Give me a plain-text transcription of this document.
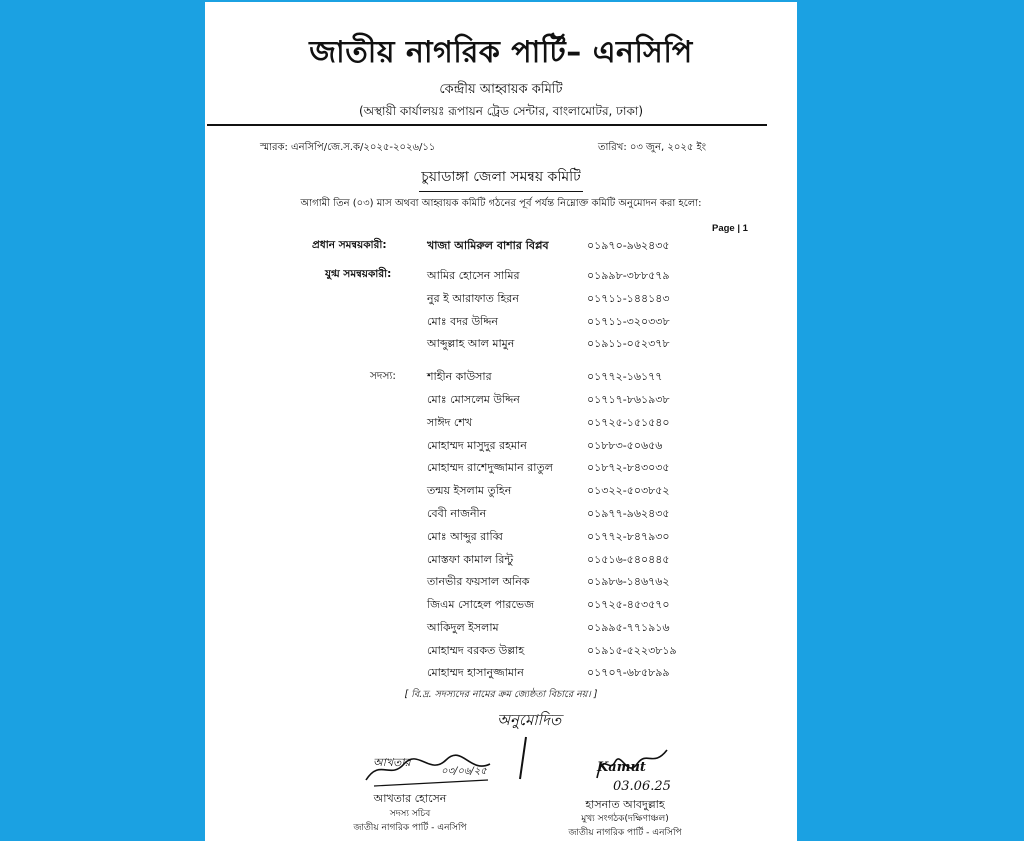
জাতীয় নাগরিক পার্টি– এনসিপি
কেন্দ্রীয় আহ্বায়ক কমিটি
(অস্থায়ী কার্যালয়ঃ রূপায়ন ট্রেড সেন্টার, বাংলামোটর, ঢাকা)
স্মারক: এনসিপি/জে.স.ক/২০২৫-২০২৬/১১	তারিখ: ০৩ জুন, ২০২৫ ইং
চুয়াডাঙ্গা জেলা সমন্বয় কমিটি
আগামী তিন (০৩) মাস অথবা আহ্বায়ক কমিটি গঠনের পূর্ব পর্যন্ত নিম্নোক্ত কমিটি অনুমোদন করা হলো:
Page | 1
প্রধান সমন্বয়কারী:	খাজা আমিরুল বাশার বিপ্লব	০১৯৭০-৯৬২৪৩৫
যুগ্ম সমন্বয়কারী:	আমির হোসেন সামির	০১৯৯৮-৩৮৮৫৭৯
নুর ই আরাফাত হিরন	০১৭১১-১৪৪১৪৩
মোঃ বদর উদ্দিন	০১৭১১-৩২০৩৩৮
আব্দুল্লাহ আল মামুন	০১৯১১-০৫২৩৭৮
সদস্য:	শাহীন কাউসার	০১৭৭২-১৬১৭৭
মোঃ মোসলেম উদ্দিন	০১৭১৭-৮৬১৯৩৮
সাঈদ শেখ	০১৭২৫-১৫১৫৪০
মোহাম্মদ মাসুদুর রহমান	০১৮৮৩-৫০৬৫৬
মোহাম্মদ রাশেদুজ্জামান রাতুল	০১৮৭২-৮৪৩০৩৫
তন্ময় ইসলাম তুহিন	০১৩২২-৫০৩৮৫২
বেবী নাজনীন	০১৯৭৭-৯৬২৪৩৫
মোঃ আব্দুর রাব্বি	০১৭৭২-৮৪৭৯৩০
মোস্তফা কামাল রিন্টু	০১৫১৬-৫৪০৪৪৫
তানভীর ফয়সাল অনিক	০১৯৮৬-১৪৬৭৬২
জিএম সোহেল পারভেজ	০১৭২৫-৪৫৩৫৭০
আকিদুল ইসলাম	০১৯৯৫-৭৭১৯১৬
মোহাম্মদ বরকত উল্লাহ	০১৯১৫-৫২২৩৮১৯
মোহাম্মদ হাসানুজ্জামান	০১৭০৭-৬৮৫৮৯৯
[ বি.দ্র. সদস্যদের নামের ক্রম জ্যেষ্ঠতা বিচারে নয়। ]
অনুমোদিত
আখতার
০৩/০৬/২৫
আখতার হোসেন
সদস্য সচিব
জাতীয় নাগরিক পার্টি - এনসিপি
Kamut
03.06.25
হাসনাত আবদুল্লাহ
মুখ্য সংগঠক(দক্ষিণাঞ্চল)
জাতীয় নাগরিক পার্টি - এনসিপি
